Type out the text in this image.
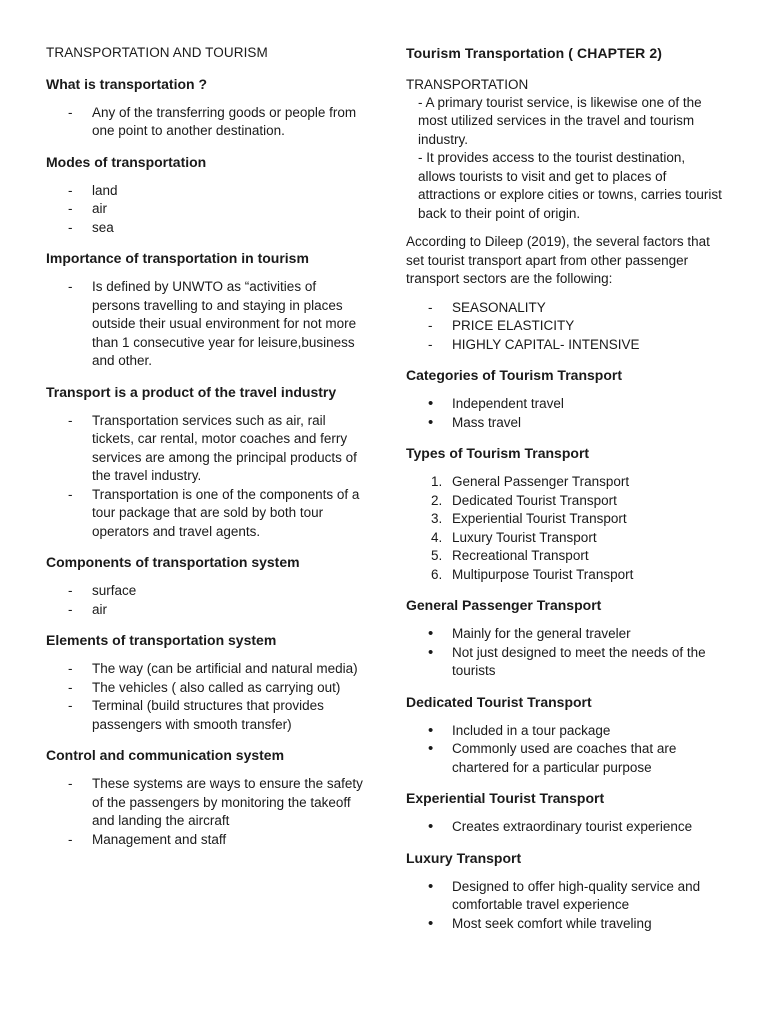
TRANSPORTATION AND TOURISM
What is transportation ?
- Any of the transferring goods or people from one point to another destination.
Modes of transportation
- land
- air
- sea
Importance of transportation in tourism
- Is defined by UNWTO as “activities of persons travelling to and staying in places outside their usual environment for not more than 1 consecutive year for leisure,business and other.
Transport is a product of the travel industry
- Transportation services such as air, rail tickets, car rental, motor coaches and ferry services are among the principal products of the travel industry.
- Transportation is one of the components of a tour package that are sold by both tour operators and travel agents.
Components of transportation system
- surface
- air
Elements of transportation system
- The way (can be artificial and natural media)
- The vehicles ( also called as carrying out)
- Terminal (build structures that provides passengers with smooth transfer)
Control and communication system
- These systems are ways to ensure the safety of the passengers by monitoring the takeoff and landing the aircraft
- Management and staff
Tourism Transportation ( CHAPTER 2)
TRANSPORTATION

- A primary tourist service, is likewise one of the most utilized services in the travel and tourism industry.

- It provides access to the tourist destination, allows tourists to visit and get to places of attractions or explore cities or towns, carries tourist back to their point of origin.

According to Dileep (2019), the several factors that set tourist transport apart from other passenger transport sectors are the following:

- SEASONALITY
- PRICE ELASTICITY
- HIGHLY CAPITAL- INTENSIVE
Categories of Tourism Transport
• Independent travel
• Mass travel
Types of Tourism Transport
1. General Passenger Transport
2. Dedicated Tourist Transport
3. Experiential Tourist Transport
4. Luxury Tourist Transport
5. Recreational Transport
6. Multipurpose Tourist Transport
General Passenger Transport
• Mainly for the general traveler
• Not just designed to meet the needs of the tourists
Dedicated Tourist Transport
• Included in a tour package
• Commonly used are coaches that are chartered for a particular purpose
Experiential Tourist Transport
• Creates extraordinary tourist experience
Luxury Transport
• Designed to offer high-quality service and comfortable travel experience
• Most seek comfort while traveling
